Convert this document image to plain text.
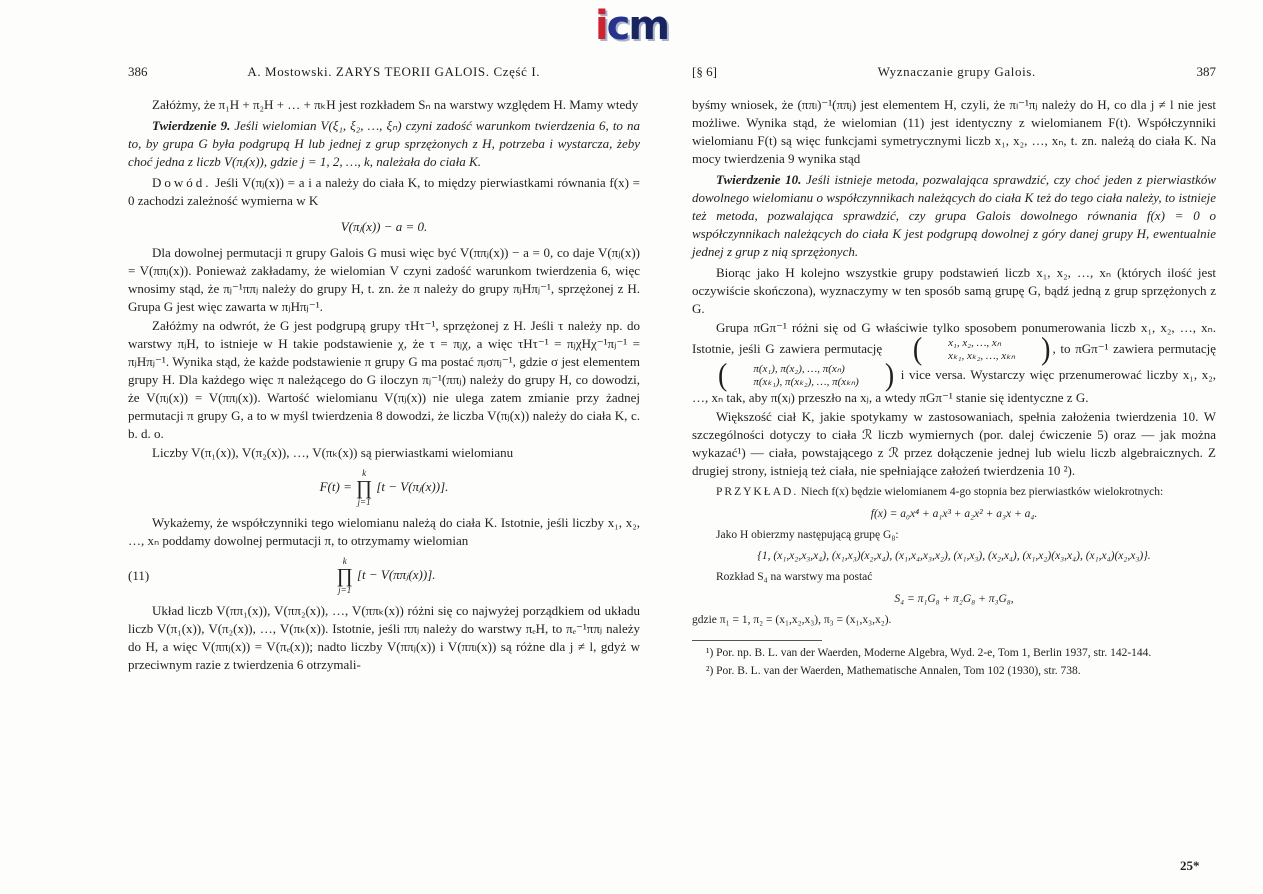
icm
386	A. Mostowski. ZARYS TEORII GALOIS. Część I.

Załóżmy, że π₁H + π₂H + … + πₖH jest rozkładem Sₙ na warstwy względem H. Mamy wtedy

Twierdzenie 9. Jeśli wielomian V(ξ₁, ξ₂, …, ξₙ) czyni zadość warunkom twierdzenia 6, to na to, by grupa G była podgrupą H lub jednej z grup sprzężonych z H, potrzeba i wystarcza, żeby choć jedna z liczb V(πⱼ(x)), gdzie j = 1, 2, …, k, należała do ciała K.

Dowód. Jeśli V(πⱼ(x)) = a i a należy do ciała K, to między pierwiastkami równania f(x) = 0 zachodzi zależność wymierna w K

V(πⱼ(x)) − a = 0.

Dla dowolnej permutacji π grupy Galois G musi więc być V(ππⱼ(x)) − a = 0, co daje V(πⱼ(x)) = V(ππⱼ(x)). Ponieważ zakładamy, że wielomian V czyni zadość warunkom twierdzenia 6, więc wnosimy stąd, że πⱼ⁻¹ππⱼ należy do grupy H, t. zn. że π należy do grupy πⱼHπⱼ⁻¹, sprzężonej z H. Grupa G jest więc zawarta w πⱼHπⱼ⁻¹.

Załóżmy na odwrót, że G jest podgrupą grupy τHτ⁻¹, sprzężonej z H. Jeśli τ należy np. do warstwy πⱼH, to istnieje w H takie podstawienie χ, że τ = πⱼχ, a więc τHτ⁻¹ = πⱼχHχ⁻¹πⱼ⁻¹ = πⱼHπⱼ⁻¹. Wynika stąd, że każde podstawienie π grupy G ma postać πⱼσπⱼ⁻¹, gdzie σ jest elementem grupy H. Dla każdego więc π należącego do G iloczyn πⱼ⁻¹(ππⱼ) należy do grupy H, co dowodzi, że V(πⱼ(x)) = V(ππⱼ(x)). Wartość wielomianu V(πⱼ(x)) nie ulega zatem zmianie przy żadnej permutacji π grupy G, a to w myśl twierdzenia 8 dowodzi, że liczba V(πⱼ(x)) należy do ciała K, c. b. d. o.

Liczby V(π₁(x)), V(π₂(x)), …, V(πₖ(x)) są pierwiastkami wielomianu

F(t) =
k
∏
j=1
[t − V(πⱼ(x))].

Wykażemy, że współczynniki tego wielomianu należą do ciała K. Istotnie, jeśli liczby x₁, x₂, …, xₙ poddamy dowolnej permutacji π, to otrzymamy wielomian

(11)
k
∏
j=1
[t − V(ππⱼ(x))].

Układ liczb V(ππ₁(x)), V(ππ₂(x)), …, V(ππₖ(x)) różni się co najwyżej porządkiem od układu liczb V(π₁(x)), V(π₂(x)), …, V(πₖ(x)). Istotnie, jeśli ππⱼ należy do warstwy πₑH, to πₑ⁻¹ππⱼ należy do H, a więc V(ππⱼ(x)) = V(πₑ(x)); nadto liczby V(ππⱼ(x)) i V(ππₗ(x)) są różne dla j ≠ l, gdyż w przeciwnym razie z twierdzenia 6 otrzymali-

[§ 6]	Wyznaczanie grupy Galois.	387

byśmy wniosek, że (ππₗ)⁻¹(ππⱼ) jest elementem H, czyli, że πₗ⁻¹πⱼ należy do H, co dla j ≠ l nie jest możliwe. Wynika stąd, że wielomian (11) jest identyczny z wielomianem F(t). Współczynniki wielomianu F(t) są więc funkcjami symetrycznymi liczb x₁, x₂, …, xₙ, t. zn. należą do ciała K. Na mocy twierdzenia 9 wynika stąd

Twierdzenie 10. Jeśli istnieje metoda, pozwalająca sprawdzić, czy choć jeden z pierwiastków dowolnego wielomianu o współczynnikach należących do ciała K też do tego ciała należy, to istnieje też metoda, pozwalająca sprawdzić, czy grupa Galois dowolnego równania f(x) = 0 o współczynnikach należących do ciała K jest podgrupą dowolnej z góry danej grupy H, ewentualnie jednej z grup z nią sprzężonych.

Biorąc jako H kolejno wszystkie grupy podstawień liczb x₁, x₂, …, xₙ (których ilość jest oczywiście skończona), wyznaczymy w ten sposób samą grupę G, bądź jedną z grup sprzężonych z G.

Grupa πGπ⁻¹ różni się od G właściwie tylko sposobem ponumerowania liczb x₁, x₂, …, xₙ. Istotnie, jeśli G zawiera permutację (	x₁, x₂, …, xₙ
xₖ₁, xₖ₂, …, xₖₙ ) , to πGπ⁻¹ zawiera permutację
(	π(x₁), π(x₂), …, π(xₙ)
π(xₖ₁), π(xₖ₂), …, π(xₖₙ) ) i vice versa. Wystarczy więc przenumerować liczby x₁, x₂, …, xₙ tak, aby π(xⱼ) przeszło na xⱼ, a wtedy πGπ⁻¹ stanie się identyczne z G.

Większość ciał K, jakie spotykamy w zastosowaniach, spełnia założenia twierdzenia 10. W szczególności dotyczy to ciała ℛ liczb wymiernych (por. dalej ćwiczenie 5) oraz — jak można wykazać¹) — ciała, powstającego z ℛ przez dołączenie jednej lub wielu liczb algebraicznych. Z drugiej strony, istnieją też ciała, nie spełniające założeń twierdzenia 10 ²).

PRZYKŁAD. Niech f(x) będzie wielomianem 4-go stopnia bez pierwiastków wielokrotnych:

f(x) = a₀x⁴ + a₁x³ + a₂x² + a₃x + a₄.

Jako H obierzmy następującą grupę G₈:

{1, (x₁,x₂,x₃,x₄), (x₁,x₃)(x₂,x₄), (x₁,x₄,x₃,x₂), (x₁,x₃), (x₂,x₄), (x₁,x₂)(x₃,x₄), (x₁,x₄)(x₂,x₃)}.

Rozkład S₄ na warstwy ma postać

S₄ = π₁G₈ + π₂G₈ + π₃G₈,

gdzie π₁ = 1, π₂ = (x₁,x₂,x₃), π₃ = (x₁,x₃,x₂).

¹) Por. np. B. L. van der Waerden, Moderne Algebra, Wyd. 2-e, Tom 1, Berlin 1937, str. 142-144.

²) Por. B. L. van der Waerden, Mathematische Annalen, Tom 102 (1930), str. 738.

25*
